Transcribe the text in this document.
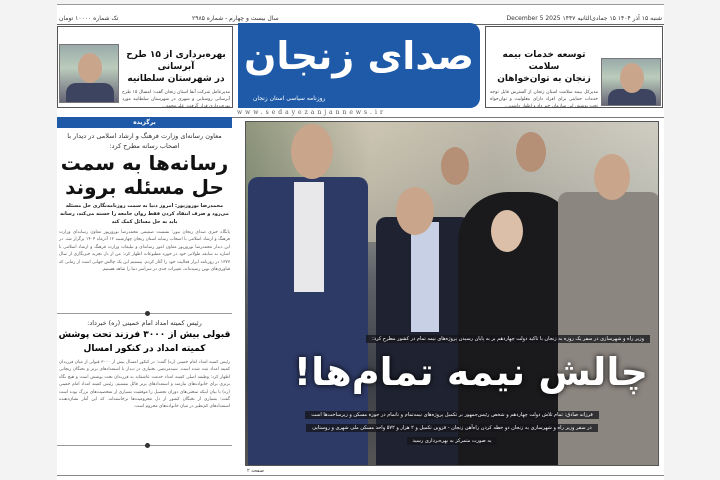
تک شماره ۱۰۰۰۰ تومان	سال بیست و چهارم - شماره ۲۹۸۵	شنبه ۱۵ آذر ۱۴۰۴ ۱۵ جمادی‌الثانیه ۱۴۴۷ 2025 December 5
بهره‌برداری از ۱۵ طرح آبرسانی
در شهرستان سلطانیه

مدیرعامل شرکت آبفا استان زنجان گفت: امسال ۱۵ طرح آبرسانی روستایی و شهری در شهرستان سلطانیه مورد بهره‌برداری قرار گرفت. علی‌محمد...

صدای زنجان
روزنامه سیاسی استان زنجان
توسعه خدمات بیمه سلامت
زنجان به توان‌خواهان

مدیرکل بیمه سلامت استان زنجان از گسترش قابل توجه خدمات حمایتی برای افراد دارای معلولیت و توان‌خواه تحت پوشش این سازمان خبر داد و اظهار داشت...

www.sedayezanjannews.ir
برگزیده
معاون رسانه‌ای وزارت فرهنگ و ارشاد اسلامی در دیدار با اصحاب رسانه مطرح کرد:
رسانه‌ها به سمت
حل مسئله بروند
محمدرضا نوروزپور: امروز دنیا به سمت روزنامه‌نگاری حل مسئله می‌رود و صرف انتقاد کردن فقط روان جامعه را خسته می‌کند، رسانه باید به حل مسائل کمک کند
پایگاه خبری صدای زنجان نیوز: نشست صمیمی محمدرضا نوروزپور معاون رسانه‌ای وزارت فرهنگ و ارشاد اسلامی با اصحاب رسانه استان زنجان چهارشنبه ۱۲ آذرماه ۱۴۰۴ برگزار شد. در این دیدار محمدرضا نوروزپور معاون امور رسانه‌ای و تبلیغات وزارت فرهنگ و ارشاد اسلامی با اشاره به سابقه طولانی خود در حوزه مطبوعات اظهار کرد: من از دل تجربه خبرنگاری از سال ۱۳۷۷ در روزنامه ابرار فعالیت خود را آغاز کردم. نیستیم این یک چالش جهانی است از زمانی که فناوری‌های نوین رسیده‌اند، تغییرات جدی در سراسر دنیا را شاهد هستیم.
رئیس کمیته امداد امام خمینی (ره) خبرداد:
قبولی بیش از ۳۰۰۰ فرزند تحت پوشش
کمیته امداد در کنکور امسال
رئیس کمیته امداد امام خمینی (ره) گفت: در کنکور امسال بیش از ۳۰۰۰ قبولی از میان فرزندان کمیته امداد ثبت شده است. سیدمرتضی بختیاری در دیدار با استعدادهای برتر و نخبگان زنجانی اظهار کرد: وظیفه اصلی کمیته امداد خدمت عاشقانه به فرزندان تحت پوشش است و هیچ نگاه برتری برای خانواده‌های نیازمند و استعدادهای برتر قائل نیستیم. رئیس کمیته امداد امام خمینی (ره) با بیان اینکه سختی‌های دوران تحصیل را موفقیت بسیاری از شخصیت‌های بزرگ بوده است گفت: بسیاری از نخبگان کشور از دل محرومیت‌ها برخاسته‌اند. که این آمار نشان‌دهنده استعدادهای کم‌نظیر در میان خانواده‌های محروم است.
وزیر راه و شهرسازی در سفر یک روزه به زنجان با تاکید دولت چهاردهم بر به پایان رسیدن پروژه‌های نیمه تمام در کشور مطرح کرد:
چالش نیمه تمام‌ها!
فرزانه صادق: تمام تلاش دولت چهاردهم و شخص رئیس‌جمهور بر تکمیل پروژه‌های نیمه‌تمام و ناتمام در حوزه مسکن و زیرساخت‌ها است
در سفر وزیر راه و شهرسازی به زنجان دو خطه کردن راه‌آهن زنجان - قزوین تکمیل و ۲ هزار و ۵۷۲ واحد مسکن ملی شهری و روستایی
به صورت متمرکز به بهره‌برداری رسید
صفحه ۲
